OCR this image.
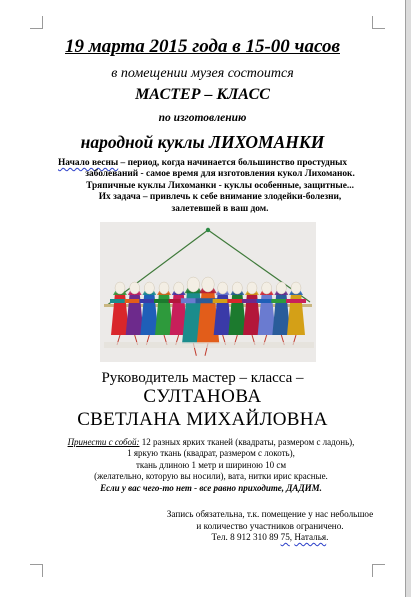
19 марта 2015 года в 15-00 часов
в помещении музея состоится
МАСТЕР – КЛАСС
по изготовлению
народной куклы ЛИХОМАНКИ
Начало весны – период, когда начинается большинство простудных
заболеваний - самое время для изготовления кукол Лихоманок.
Тряпичные куклы Лихоманки - куклы особенные, защитные...
Их задача – привлечь к себе внимание злодейки-болезни,
залетевшей в ваш дом.
Руководитель мастер – класса –
СУЛТАНОВА
СВЕТЛАНА МИХАЙЛОВНА
Принести с собой: 12 разных ярких тканей (квадраты, размером с ладонь),
1 яркую ткань (квадрат, размером с локоть),
ткань длиною 1 метр и шириною 10 см
(желательно, которую вы носили), вата, нитки ирис красные.
Если у вас чего-то нет - все равно приходите, ДАДИМ.
Запись обязательна, т.к. помещение у нас небольшое
и количество участников ограничено.
Тел. 8 912 310 89 75, Наталья.
